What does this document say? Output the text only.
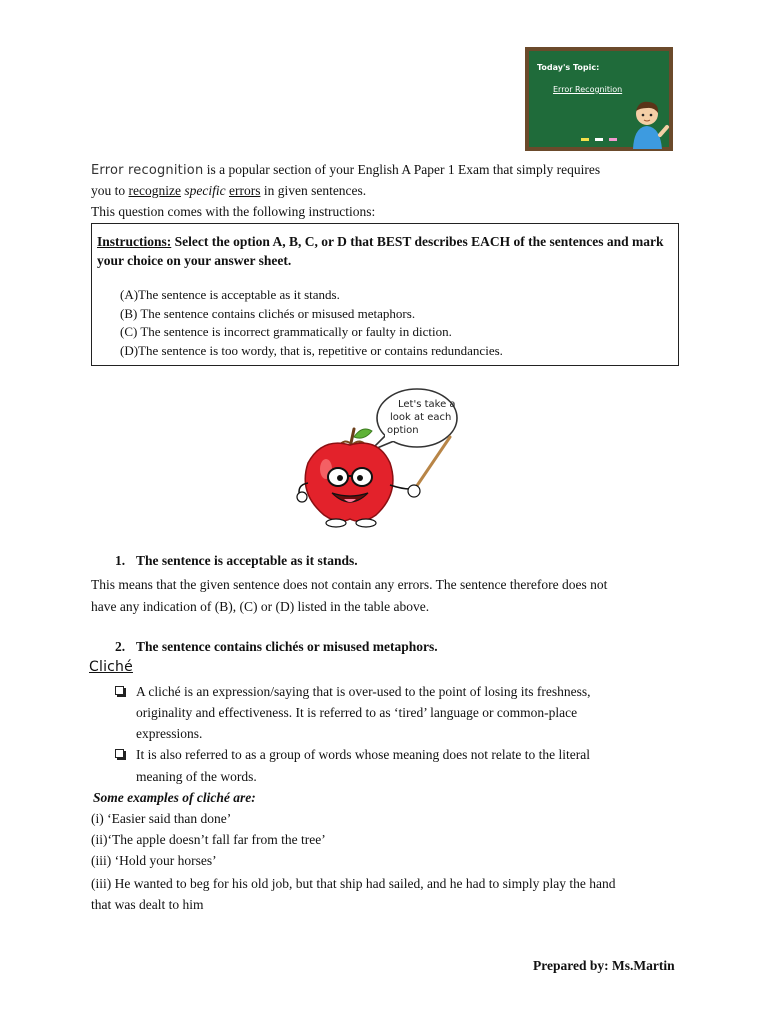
Today's Topic:
Error Recognition
Error recognition is a popular section of your English A Paper 1 Exam that simply requires
you to recognize specific errors in given sentences.
This question comes with the following instructions:
Instructions: Select the option A, B, C, or D that BEST describes EACH of the sentences and mark your choice on your answer sheet.
(A)The sentence is acceptable as it stands.
(B) The sentence contains clichés or misused metaphors.
(C) The sentence is incorrect grammatically or faulty in diction.
(D)The sentence is too wordy, that is, repetitive or contains redundancies.
Let's take a
look at each
option
1. The sentence is acceptable as it stands.
This means that the given sentence does not contain any errors. The sentence therefore does not
have any indication of (B), (C) or (D) listed in the table above.
2. The sentence contains clichés or misused metaphors.
Cliché
A cliché is an expression/saying that is over-used to the point of losing its freshness,
originality and effectiveness. It is referred to as ‘tired’ language or common-place
expressions.
It is also referred to as a group of words whose meaning does not relate to the literal
meaning of the words.
Some examples of cliché are:
(i) ‘Easier said than done’
(ii)‘The apple doesn’t fall far from the tree’
(iii) ‘Hold your horses’
(iii) He wanted to beg for his old job, but that ship had sailed, and he had to simply play the hand
that was dealt to him
Prepared by: Ms.Martin
